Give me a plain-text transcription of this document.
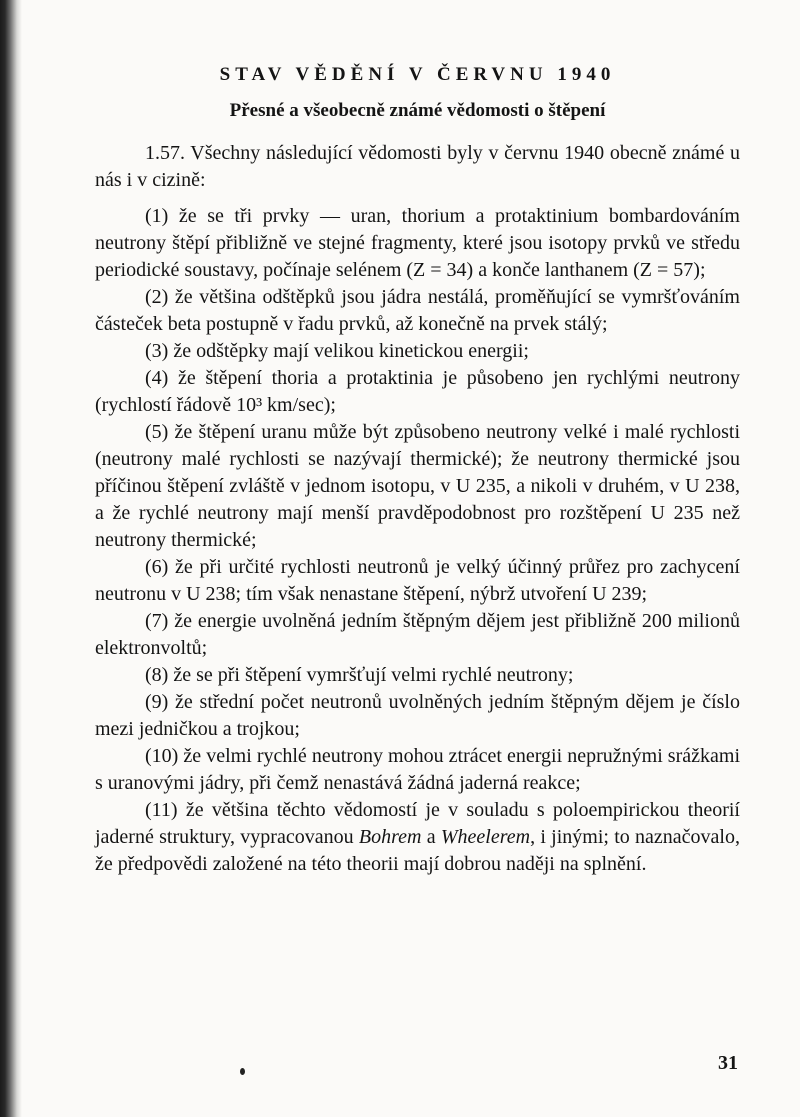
STAV VĚDĚNÍ V ČERVNU 1940
Přesné a všeobecně známé vědomosti o štěpení

1.57. Všechny následující vědomosti byly v červnu 1940 obecně známé u nás i v cizině:

(1) že se tři prvky — uran, thorium a protaktinium bombardováním neutrony štěpí přibližně ve stejné fragmenty, které jsou isotopy prvků ve středu periodické soustavy, počínaje selénem (Z = 34) a konče lanthanem (Z = 57);
(2) že většina odštěpků jsou jádra nestálá, proměňující se vymršťováním částeček beta postupně v řadu prvků, až konečně na prvek stálý;
(3) že odštěpky mají velikou kinetickou energii;
(4) že štěpení thoria a protaktinia je působeno jen rychlými neutrony (rychlostí řádově 10³ km/sec);
(5) že štěpení uranu může být způsobeno neutrony velké i malé rychlosti (neutrony malé rychlosti se nazývají thermické); že neutrony thermické jsou příčinou štěpení zvláště v jednom isotopu, v U 235, a nikoli v druhém, v U 238, a že rychlé neutrony mají menší pravděpodobnost pro rozštěpení U 235 než neutrony thermické;
(6) že při určité rychlosti neutronů je velký účinný průřez pro zachycení neutronu v U 238; tím však nenastane štěpení, nýbrž utvoření U 239;
(7) že energie uvolněná jedním štěpným dějem jest přibližně 200 milionů elektronvoltů;
(8) že se při štěpení vymršťují velmi rychlé neutrony;
(9) že střední počet neutronů uvolněných jedním štěpným dějem je číslo mezi jedničkou a trojkou;
(10) že velmi rychlé neutrony mohou ztrácet energii nepružnými srážkami s uranovými jádry, při čemž nenastává žádná jaderná reakce;
(11) že většina těchto vědomostí je v souladu s poloempirickou theorií jaderné struktury, vypracovanou Bohrem a Wheelerem, i jinými; to naznačovalo, že předpovědi založené na této theorii mají dobrou naději na splnění.
31
